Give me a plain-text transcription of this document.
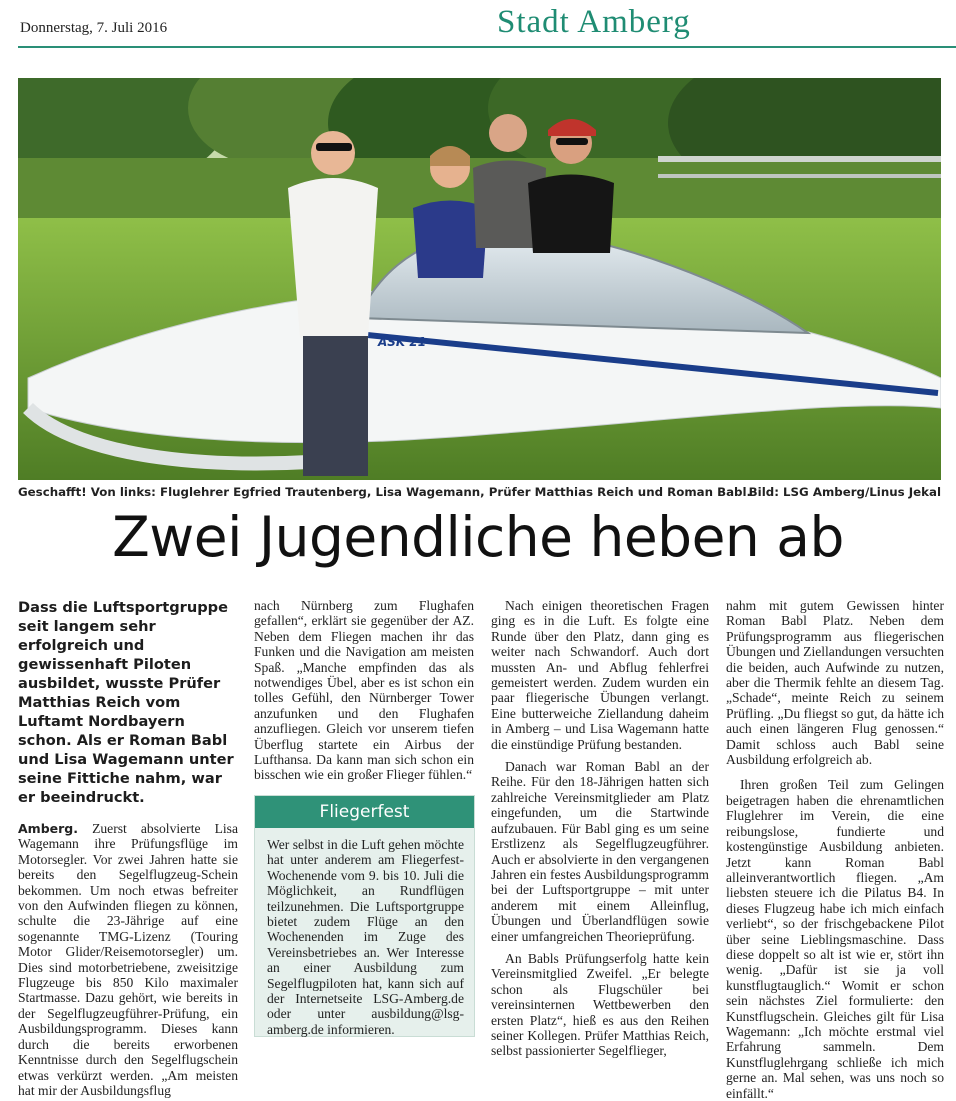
Donnerstag, 7. Juli 2016	Stadt Amberg
ASK 21
Geschafft! Von links: Fluglehrer Egfried Trautenberg, Lisa Wagemann, Prüfer Matthias Reich und Roman Babl.
Bild: LSG Amberg/Linus Jekal
Zwei Jugendliche heben ab

Dass die Luftsportgruppe seit langem sehr erfolgreich und gewissenhaft Piloten ausbildet, wusste Prüfer Matthias Reich vom Luftamt Nordbayern schon. Als er Roman Babl und Lisa Wagemann unter seine Fittiche nahm, war er beeindruckt.

Amberg. Zuerst absolvierte Lisa Wagemann ihre Prüfungsflüge im Motorsegler. Vor zwei Jahren hatte sie bereits den Segelflugzeug-Schein bekommen. Um noch etwas befreiter von den Aufwinden fliegen zu können, schulte die 23-Jährige auf eine sogenannte TMG-Lizenz (Touring Motor Glider/Reisemotorsegler) um. Dies sind motorbetriebene, zweisitzige Flugzeuge bis 850 Kilo maximaler Startmasse. Dazu gehört, wie bereits in der Segelflugzeugführer-Prüfung, ein Ausbildungsprogramm. Dieses kann durch die bereits erworbenen Kenntnisse durch den Segelflugschein etwas verkürzt werden. „Am meisten hat mir der Ausbildungsflug

nach Nürnberg zum Flughafen gefallen“, erklärt sie gegenüber der AZ. Neben dem Fliegen machen ihr das Funken und die Navigation am meisten Spaß. „Manche empfinden das als notwendiges Übel, aber es ist schon ein tolles Gefühl, den Nürnberger Tower anzufunken und den Flughafen anzufliegen. Gleich vor unserem tiefen Überflug startete ein Airbus der Lufthansa. Da kann man sich schon ein bisschen wie ein großer Flieger fühlen.“

Fliegerfest

Wer selbst in die Luft gehen möchte hat unter anderem am Fliegerfest-Wochenende vom 9. bis 10. Juli die Möglichkeit, an Rundflügen teilzunehmen. Die Luftsportgruppe bietet zudem Flüge an den Wochenenden im Zuge des Vereinsbetriebes an. Wer Interesse an einer Ausbildung zum Segelflugpiloten hat, kann sich auf der Internetseite LSG-Amberg.de oder unter ausbildung@lsg-amberg.de informieren.

Nach einigen theoretischen Fragen ging es in die Luft. Es folgte eine Runde über den Platz, dann ging es weiter nach Schwandorf. Auch dort mussten An- und Abflug fehlerfrei gemeistert werden. Zudem wurden ein paar fliegerische Übungen verlangt. Eine butterweiche Ziellandung daheim in Amberg – und Lisa Wagemann hatte die einstündige Prüfung bestanden.

Danach war Roman Babl an der Reihe. Für den 18-Jährigen hatten sich zahlreiche Vereinsmitglieder am Platz eingefunden, um die Startwinde aufzubauen. Für Babl ging es um seine Erstlizenz als Segelflugzeugführer. Auch er absolvierte in den vergangenen Jahren ein festes Ausbildungsprogramm bei der Luftsportgruppe – mit unter anderem mit einem Alleinflug, Übungen und Überlandflügen sowie einer umfangreichen Theorieprüfung.

An Babls Prüfungserfolg hatte kein Vereinsmitglied Zweifel. „Er belegte schon als Flugschüler bei vereinsinternen Wettbewerben den ersten Platz“, hieß es aus den Reihen seiner Kollegen. Prüfer Matthias Reich, selbst passionierter Segelflieger,

nahm mit gutem Gewissen hinter Roman Babl Platz. Neben dem Prüfungsprogramm aus fliegerischen Übungen und Ziellandungen versuchten die beiden, auch Aufwinde zu nutzen, aber die Thermik fehlte an diesem Tag. „Schade“, meinte Reich zu seinem Prüfling. „Du fliegst so gut, da hätte ich auch einen längeren Flug genossen.“ Damit schloss auch Babl seine Ausbildung erfolgreich ab.

Ihren großen Teil zum Gelingen beigetragen haben die ehrenamtlichen Fluglehrer im Verein, die eine reibungslose, fundierte und kostengünstige Ausbildung anbieten. Jetzt kann Roman Babl alleinverantwortlich fliegen. „Am liebsten steuere ich die Pilatus B4. In dieses Flugzeug habe ich mich einfach verliebt“, so der frischgebackene Pilot über seine Lieblingsmaschine. Dass diese doppelt so alt ist wie er, stört ihn wenig. „Dafür ist sie ja voll kunstflugtauglich.“ Womit er schon sein nächstes Ziel formulierte: den Kunstflugschein. Gleiches gilt für Lisa Wagemann: „Ich möchte erstmal viel Erfahrung sammeln. Dem Kunstfluglehrgang schließe ich mich gerne an. Mal sehen, was uns noch so einfällt.“
